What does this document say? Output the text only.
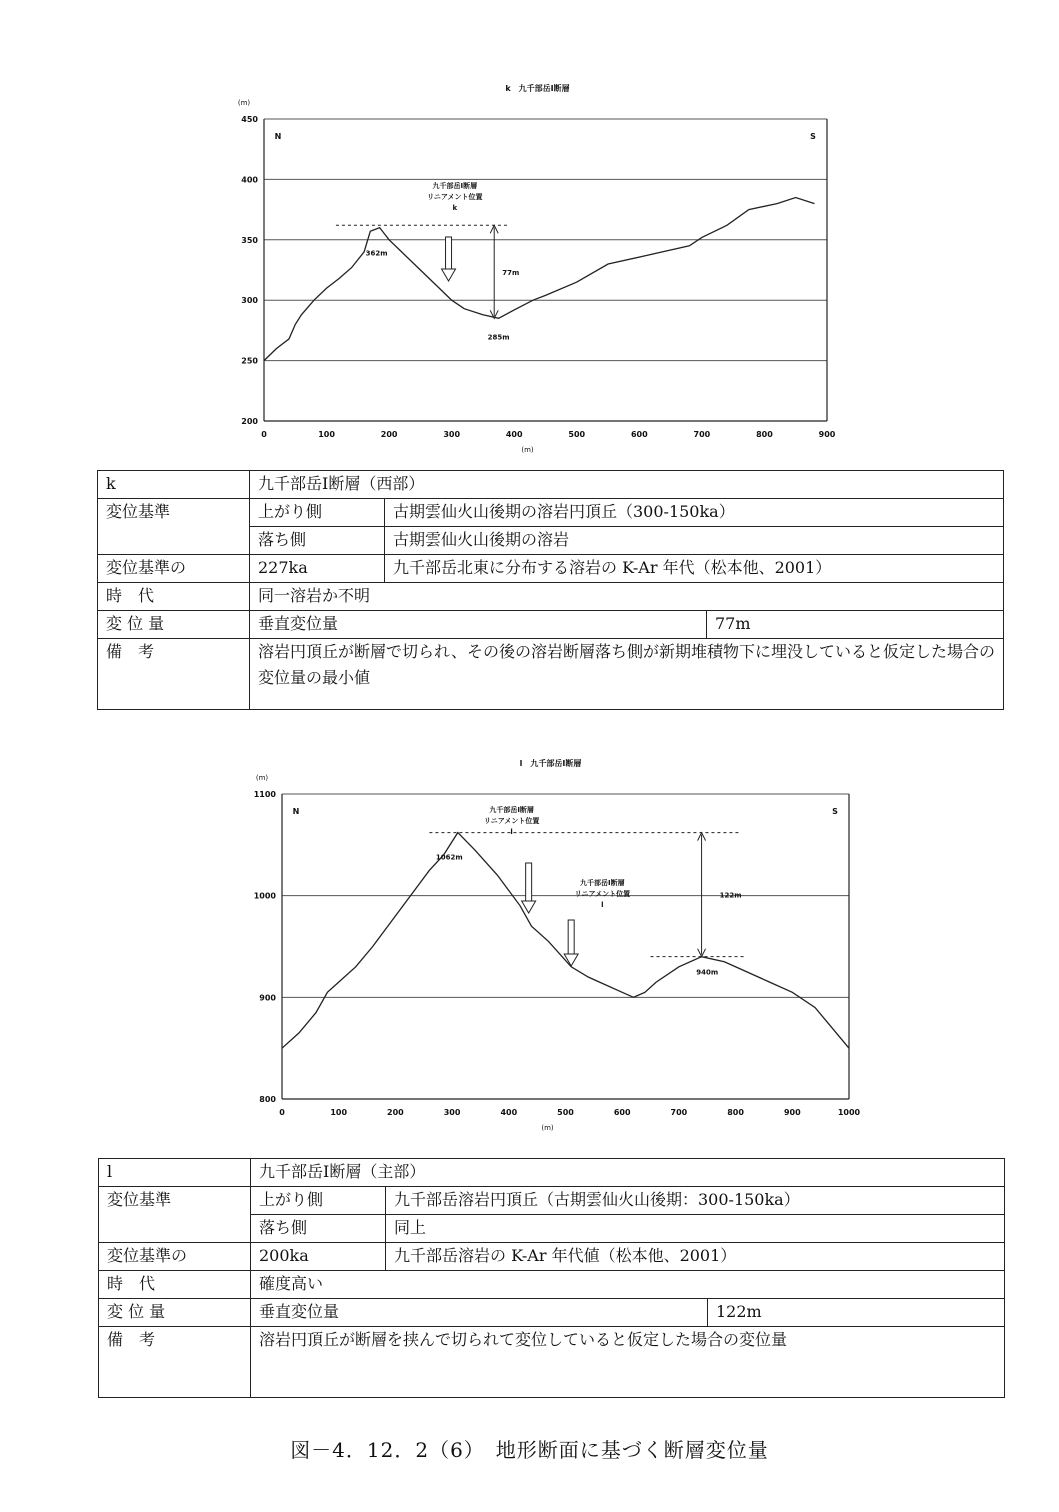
k　九千部岳Ⅰ断層
450
400
350
300
250
200
(m)
0	100	200	300	400	500	600	700	800	900
(m)
N	S
77m
362m
285m
九千部岳Ⅰ断層
リニアメント位置
k
l　九千部岳Ⅰ断層
1100
1000
900
800
(m)
0	100	200	300	400	500	600	700	800	900	1000
(m)
N	S
122m
1062m
940m
九千部岳Ⅰ断層
リニアメント位置
l
九千部岳Ⅰ断層
リニアメント位置
l
k	九千部岳Ⅰ断層（西部）		
変位基準	上がり側	古期雲仙火山後期の溶岩円頂丘（300-150ka）	
	落ち側	古期雲仙火山後期の溶岩	
変位基準の	227ka	九千部岳北東に分布する溶岩の K-Ar 年代（松本他、2001）	
時　代	同一溶岩か不明		
変 位 量	垂直変位量		77m
備　考	溶岩円頂丘が断層で切られ、その後の溶岩断層落ち側が新期堆積物下に埋没していると仮定した場合の変位量の最小値		
l	九千部岳Ⅰ断層（主部）		
変位基準	上がり側	九千部岳溶岩円頂丘（古期雲仙火山後期：300-150ka）	
	落ち側	同上	
変位基準の	200ka	九千部岳溶岩の K-Ar 年代値（松本他、2001）	
時　代	確度高い		
変 位 量	垂直変位量		122m
備　考	溶岩円頂丘が断層を挟んで切られて変位していると仮定した場合の変位量		
図－4．12．2（6）　地形断面に基づく断層変位量
